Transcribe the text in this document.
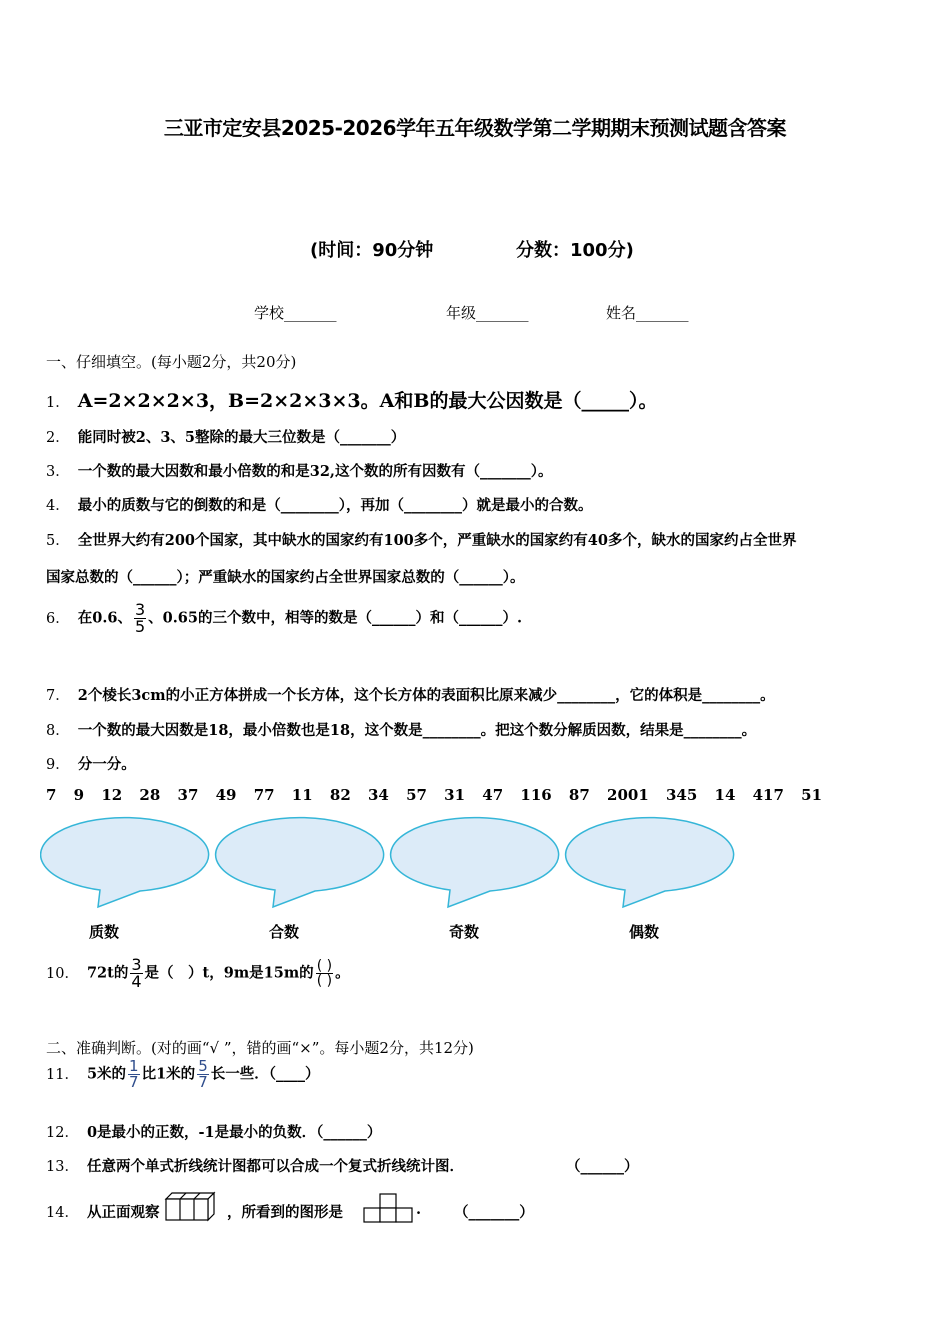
三亚市定安县2025-2026学年五年级数学第二学期期末预测试题含答案
(时间：90分钟	分数：100分)
学校_______	年级_______	姓名_______
一、仔细填空。(每小题2分，共20分)
1． A=2×2×2×3，B=2×2×3×3。A和B的最大公因数是（_____）。
2． 能同时被2、3、5整除的最大三位数是（_______）
3． 一个数的最大因数和最小倍数的和是32,这个数的所有因数有（_______）。
4． 最小的质数与它的倒数的和是（________），再加（________）就是最小的合数。
5． 全世界大约有200个国家，其中缺水的国家约有100多个，严重缺水的国家约有40多个，缺水的国家约占全世界
国家总数的（______）；严重缺水的国家约占全世界国家总数的（______）。
6． 在0.6、 $\frac{3}{5}$ 、0.65的三个数中，相等的数是（______）和（______）.
7． 2个棱长3cm的小正方体拼成一个长方体，这个长方体的表面积比原来减少________，它的体积是________。
8． 一个数的最大因数是18，最小倍数也是18，这个数是________。把这个数分解质因数，结果是________。
9． 分一分。
7 9 12 28 37 49 77 11 82 34 57 31 47 116 87 2001 345 14 417 51
质数	合数	奇数	偶数
10． 72t的 $\frac{3}{4}$ 是（　）t，9m是15m的 $\frac{( )}{( )}$ 。
二、准确判断。(对的画“√ ”，错的画“×”。每小题2分，共12分)
11． 5米的 $\frac{1}{7}$ 比1米的 $\frac{5}{7}$ 长一些．（____）
12． 0是最小的正数，-1是最小的负数．（______）
13． 任意两个单式折线统计图都可以合成一个复式折线统计图．	（______）
14． 从正面观察	，所看到的图形是	. （_______）
